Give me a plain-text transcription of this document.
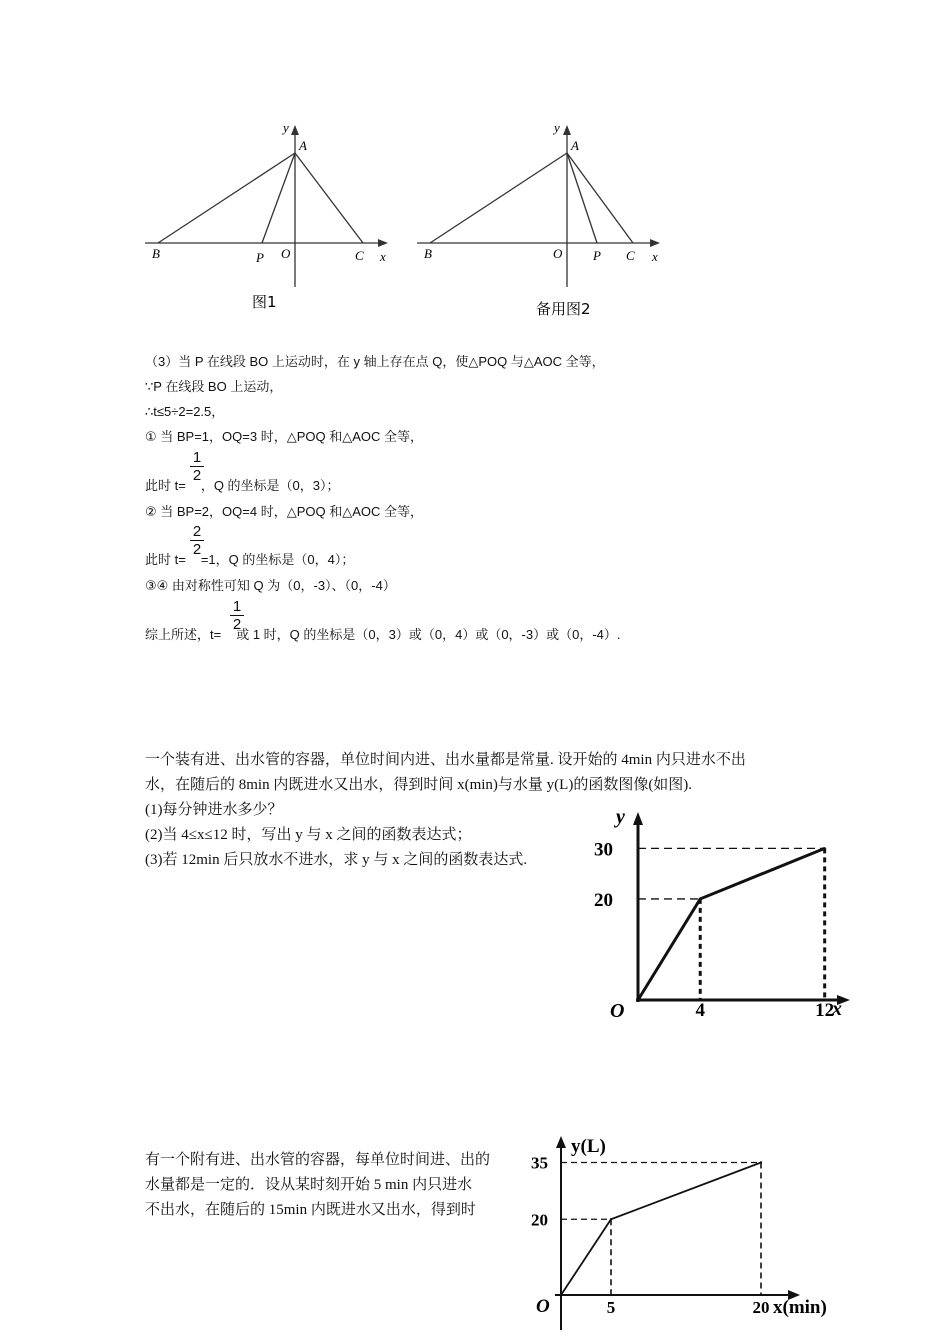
y
A
B	P O	C x
图1
y
A
B	O P C x
备用图2
（3）当 P 在线段 BO 上运动时，在 y 轴上存在点 Q，使△POQ 与△AOC 全等，
∵P 在线段 BO 上运动，
∴t≤5÷2=2.5，
① 当 BP=1，OQ=3 时，△POQ 和△AOC 全等，
此时 t= ，Q 的坐标是（0，3）；
1
2
② 当 BP=2，OQ=4 时，△POQ 和△AOC 全等，
此时 t= =1，Q 的坐标是（0，4）；
2
2
③④ 由对称性可知 Q 为（0，-3）、（0，-4）
综上所述，t= 或 1 时，Q 的坐标是（0，3）或（0，4）或（0，-3）或（0，-4）.
1
2
一个装有进、出水管的容器，单位时间内进、出水量都是常量. 设开始的 4min 内只进水不出
水，在随后的 8min 内既进水又出水，得到时间 x(min)与水量 y(L)的函数图像(如图).
(1)每分钟进水多少？
(2)当 4≤x≤12 时，写出 y 与 x 之间的函数表达式；
(3)若 12min 后只放水不进水，求 y 与 x 之间的函数表达式.
y
x
O
20
30
4	12
有一个附有进、出水管的容器，每单位时间进、出的
水量都是一定的．设从某时刻开始 5 min 内只进水
不出水，在随后的 15min 内既进水又出水，得到时
y(L)
x(min)
O
35
20
5	20
